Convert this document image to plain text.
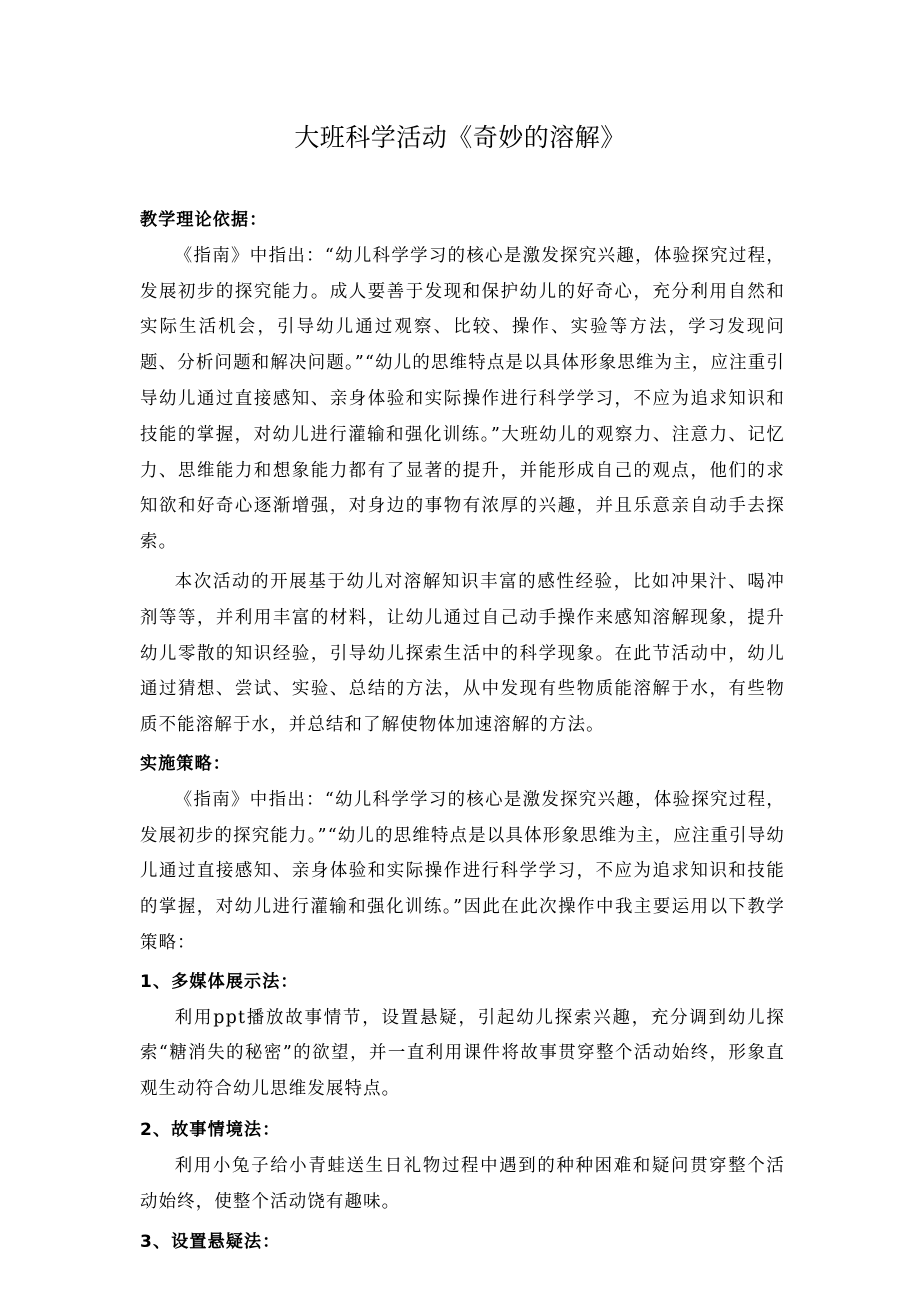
大班科学活动《奇妙的溶解》

教学理论依据：

《指南》中指出：“幼儿科学学习的核心是激发探究兴趣，体验探究过程，发展初步的探究能力。成人要善于发现和保护幼儿的好奇心，充分利用自然和实际生活机会，引导幼儿通过观察、比较、操作、实验等方法，学习发现问题、分析问题和解决问题。”“幼儿的思维特点是以具体形象思维为主，应注重引导幼儿通过直接感知、亲身体验和实际操作进行科学学习，不应为追求知识和技能的掌握，对幼儿进行灌输和强化训练。”大班幼儿的观察力、注意力、记忆力、思维能力和想象能力都有了显著的提升，并能形成自己的观点，他们的求知欲和好奇心逐渐增强，对身边的事物有浓厚的兴趣，并且乐意亲自动手去探索。

本次活动的开展基于幼儿对溶解知识丰富的感性经验，比如冲果汁、喝冲剂等等，并利用丰富的材料，让幼儿通过自己动手操作来感知溶解现象，提升幼儿零散的知识经验，引导幼儿探索生活中的科学现象。在此节活动中，幼儿通过猜想、尝试、实验、总结的方法，从中发现有些物质能溶解于水，有些物质不能溶解于水，并总结和了解使物体加速溶解的方法。

实施策略：

《指南》中指出：“幼儿科学学习的核心是激发探究兴趣，体验探究过程，发展初步的探究能力。”“幼儿的思维特点是以具体形象思维为主，应注重引导幼儿通过直接感知、亲身体验和实际操作进行科学学习，不应为追求知识和技能的掌握，对幼儿进行灌输和强化训练。”因此在此次操作中我主要运用以下教学策略：

1、多媒体展示法：

利用ppt播放故事情节，设置悬疑，引起幼儿探索兴趣，充分调到幼儿探索“糖消失的秘密”的欲望，并一直利用课件将故事贯穿整个活动始终，形象直观生动符合幼儿思维发展特点。

2、故事情境法：

利用小兔子给小青蛙送生日礼物过程中遇到的种种困难和疑问贯穿整个活动始终，使整个活动饶有趣味。

3、设置悬疑法：
